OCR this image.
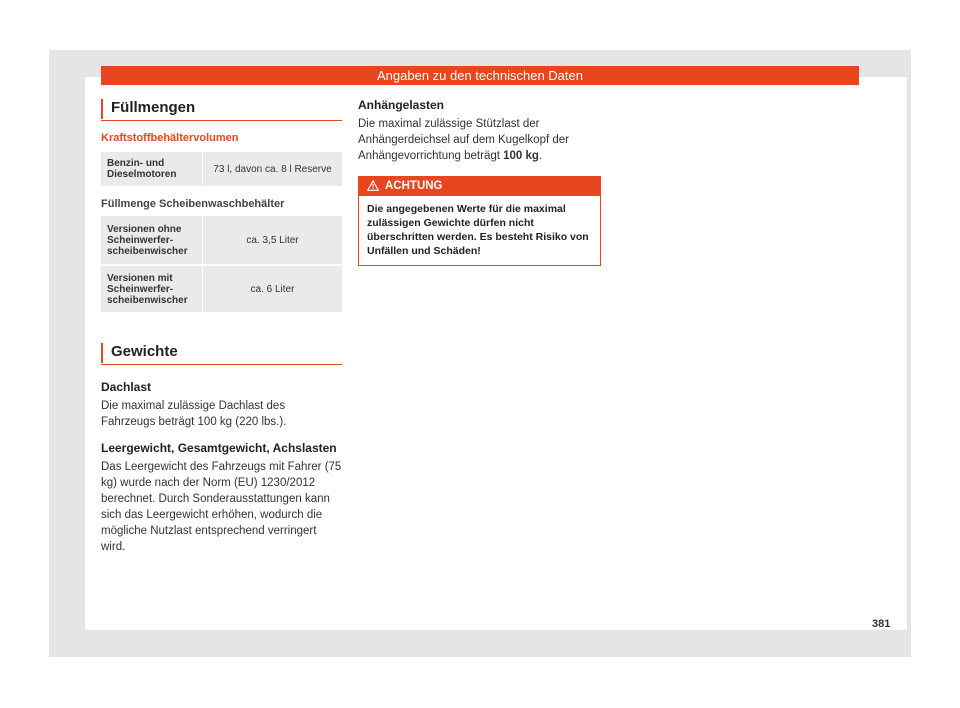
Angaben zu den technischen Daten
Füllmengen
Kraftstoffbehältervolumen
Benzin- und Dieselmotoren	73 l, davon ca. 8 l Reserve
Füllmenge Scheibenwaschbehälter
Versionen ohne Scheinwerfer-scheibenwischer	ca. 3,5 Liter
Versionen mit Scheinwerfer-scheibenwischer	ca. 6 Liter
Gewichte

Dachlast

Die maximal zulässige Dachlast des Fahrzeugs beträgt 100 kg (220 lbs.).

Leergewicht, Gesamtgewicht, Achslasten

Das Leergewicht des Fahrzeugs mit Fahrer (75 kg) wurde nach der Norm (EU) 1230/2012 berechnet. Durch Sonderausstattungen kann sich das Leergewicht erhöhen, wodurch die mögliche Nutzlast entsprechend verringert wird.

Anhängelasten

Die maximal zulässige Stützlast der Anhängerdeichsel auf dem Kugelkopf der Anhängevorrichtung beträgt 100 kg.

ACHTUNG
Die angegebenen Werte für die maximal zulässigen Gewichte dürfen nicht überschritten werden. Es besteht Risiko von Unfällen und Schäden!
381
